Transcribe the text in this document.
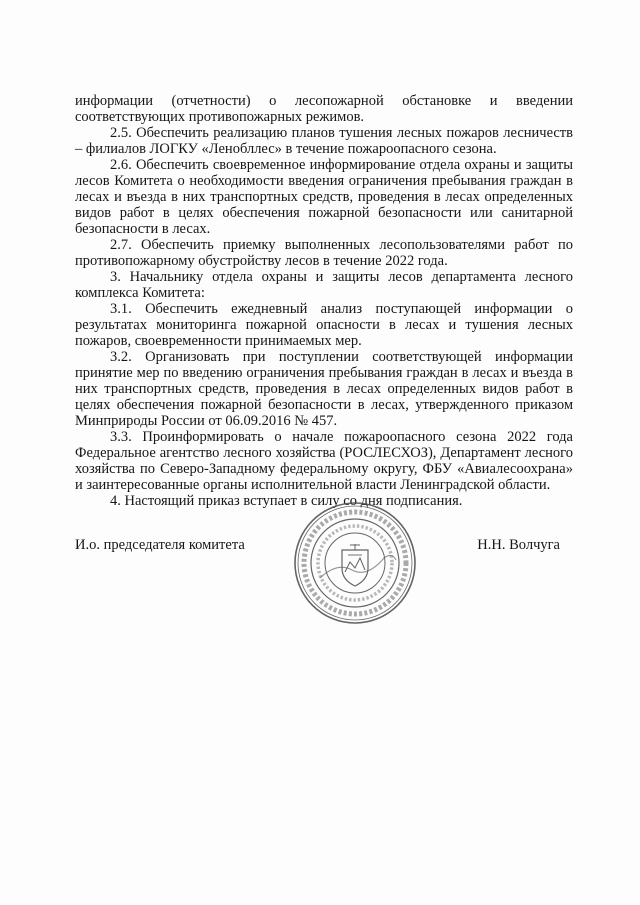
информации (отчетности) о лесопожарной обстановке и введении соответствующих противопожарных режимов.

2.5. Обеспечить реализацию планов тушения лесных пожаров лесничеств – филиалов ЛОГКУ «Ленобллес» в течение пожароопасного сезона.

2.6. Обеспечить своевременное информирование отдела охраны и защиты лесов Комитета о необходимости введения ограничения пребывания граждан в лесах и въезда в них транспортных средств, проведения в лесах определенных видов работ в целях обеспечения пожарной безопасности или санитарной безопасности в лесах.

2.7. Обеспечить приемку выполненных лесопользователями работ по противопожарному обустройству лесов в течение 2022 года.

3. Начальнику отдела охраны и защиты лесов департамента лесного комплекса Комитета:

3.1. Обеспечить ежедневный анализ поступающей информации о результатах мониторинга пожарной опасности в лесах и тушения лесных пожаров, своевременности принимаемых мер.

3.2. Организовать при поступлении соответствующей информации принятие мер по введению ограничения пребывания граждан в лесах и въезда в них транспортных средств, проведения в лесах определенных видов работ в целях обеспечения пожарной безопасности в лесах, утвержденного приказом Минприроды России от 06.09.2016 № 457.

3.3. Проинформировать о начале пожароопасного сезона 2022 года Федеральное агентство лесного хозяйства (РОСЛЕСХОЗ), Департамент лесного хозяйства по Северо-Западному федеральному округу, ФБУ «Авиалесоохрана» и заинтересованные органы исполнительной власти Ленинградской области.

4. Настоящий приказ вступает в силу со дня подписания.

И.о. председателя комитета	Н.Н. Волчуга
